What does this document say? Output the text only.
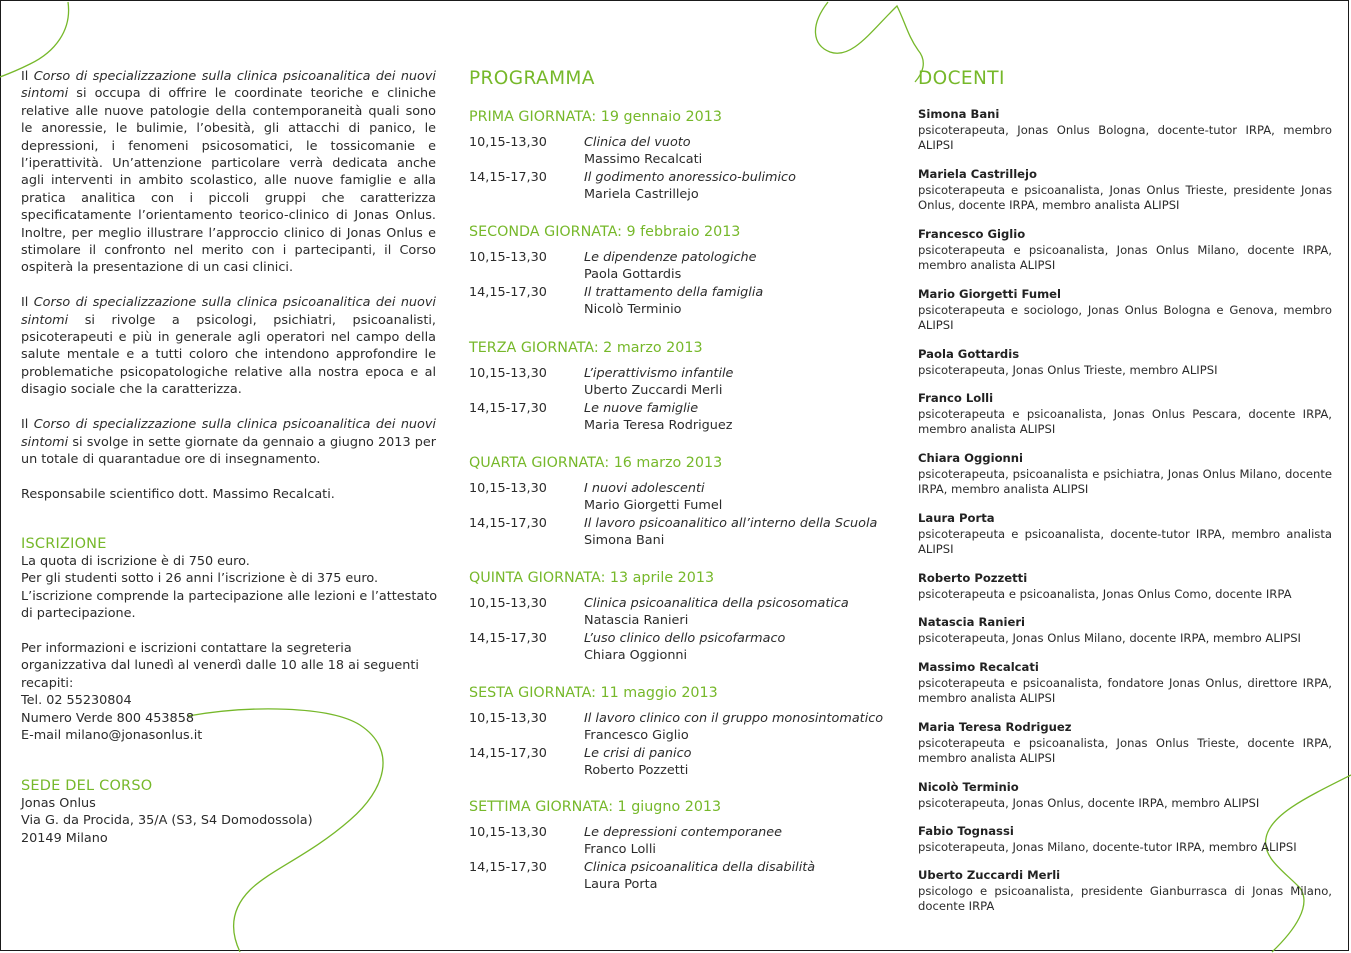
Il Corso di specializzazione sulla clinica psicoanalitica dei nuovi sintomi si occupa di offrire le coordinate teoriche e cliniche relative alle nuove patologie della contemporaneità quali sono le anoressie, le bulimie, l’obesità, gli attacchi di panico, le depressioni, i fenomeni psicosomatici, le tossicomanie e l’iperattività. Un’attenzione particolare verrà dedicata anche agli interventi in ambito scolastico, alle nuove famiglie e alla pratica analitica con i piccoli gruppi che caratterizza specificatamente l’orientamento teorico-clinico di Jonas Onlus. Inoltre, per meglio illustrare l’approccio clinico di Jonas Onlus e stimolare il confronto nel merito con i partecipanti, il Corso ospiterà la presentazione di un casi clinici.

Il Corso di specializzazione sulla clinica psicoanalitica dei nuovi sintomi si rivolge a psicologi, psichiatri, psicoanalisti, psicoterapeuti e più in generale agli operatori nel campo della salute mentale e a tutti coloro che intendono approfondire le problematiche psicopatologiche relative alla nostra epoca e al disagio sociale che la caratterizza.

Il Corso di specializzazione sulla clinica psicoanalitica dei nuovi sintomi si svolge in sette giornate da gennaio a giugno 2013 per un totale di quarantadue ore di insegnamento.

Responsabile scientifico dott. Massimo Recalcati.

ISCRIZIONE
La quota di iscrizione è di 750 euro.
Per gli studenti sotto i 26 anni l’iscrizione è di 375 euro.
L’iscrizione comprende la partecipazione alle lezioni e l’attestato
di partecipazione.
Per informazioni e iscrizioni contattare la segreteria
organizzativa dal lunedì al venerdì dalle 10 alle 18 ai seguenti
recapiti:
Tel. 02 55230804
Numero Verde 800 453858
E-mail milano@jonasonlus.it
SEDE DEL CORSO
Jonas Onlus
Via G. da Procida, 35/A (S3, S4 Domodossola)
20149 Milano
PROGRAMMA
PRIMA GIORNATA: 19 gennaio 2013
10,15-13,30	Clinica del vuoto
Massimo Recalcati
14,15-17,30	Il godimento anoressico-bulimico
Mariela Castrillejo
SECONDA GIORNATA: 9 febbraio 2013
10,15-13,30	Le dipendenze patologiche
Paola Gottardis
14,15-17,30	Il trattamento della famiglia
Nicolò Terminio
TERZA GIORNATA: 2 marzo 2013
10,15-13,30	L’iperattivismo infantile
Uberto Zuccardi Merli
14,15-17,30	Le nuove famiglie
Maria Teresa Rodriguez
QUARTA GIORNATA: 16 marzo 2013
10,15-13,30	I nuovi adolescenti
Mario Giorgetti Fumel
14,15-17,30	Il lavoro psicoanalitico all’interno della Scuola
Simona Bani
QUINTA GIORNATA: 13 aprile 2013
10,15-13,30	Clinica psicoanalitica della psicosomatica
Natascia Ranieri
14,15-17,30	L’uso clinico dello psicofarmaco
Chiara Oggionni
SESTA GIORNATA: 11 maggio 2013
10,15-13,30	Il lavoro clinico con il gruppo monosintomatico
Francesco Giglio
14,15-17,30	Le crisi di panico
Roberto Pozzetti
SETTIMA GIORNATA: 1 giugno 2013
10,15-13,30	Le depressioni contemporanee
Franco Lolli
14,15-17,30	Clinica psicoanalitica della disabilità
Laura Porta
DOCENTI
Simona Bani
psicoterapeuta, Jonas Onlus Bologna, docente-tutor IRPA, membro ALIPSI
Mariela Castrillejo
psicoterapeuta e psicoanalista, Jonas Onlus Trieste, presidente Jonas Onlus, docente IRPA, membro analista ALIPSI
Francesco Giglio
psicoterapeuta e psicoanalista, Jonas Onlus Milano, docente IRPA, membro analista ALIPSI
Mario Giorgetti Fumel
psicoterapeuta e sociologo, Jonas Onlus Bologna e Genova, membro ALIPSI
Paola Gottardis
psicoterapeuta, Jonas Onlus Trieste, membro ALIPSI
Franco Lolli
psicoterapeuta e psicoanalista, Jonas Onlus Pescara, docente IRPA, membro analista ALIPSI
Chiara Oggionni
psicoterapeuta, psicoanalista e psichiatra, Jonas Onlus Milano, docente IRPA, membro analista ALIPSI
Laura Porta
psicoterapeuta e psicoanalista, docente-tutor IRPA, membro analista ALIPSI
Roberto Pozzetti
psicoterapeuta e psicoanalista, Jonas Onlus Como, docente IRPA
Natascia Ranieri
psicoterapeuta, Jonas Onlus Milano, docente IRPA, membro ALIPSI
Massimo Recalcati
psicoterapeuta e psicoanalista, fondatore Jonas Onlus, direttore IRPA, membro analista ALIPSI
Maria Teresa Rodriguez
psicoterapeuta e psicoanalista, Jonas Onlus Trieste, docente IRPA, membro analista ALIPSI
Nicolò Terminio
psicoterapeuta, Jonas Onlus, docente IRPA, membro ALIPSI
Fabio Tognassi
psicoterapeuta, Jonas Milano, docente-tutor IRPA, membro ALIPSI
Uberto Zuccardi Merli
psicologo e psicoanalista, presidente Gianburrasca di Jonas Milano, docente IRPA
